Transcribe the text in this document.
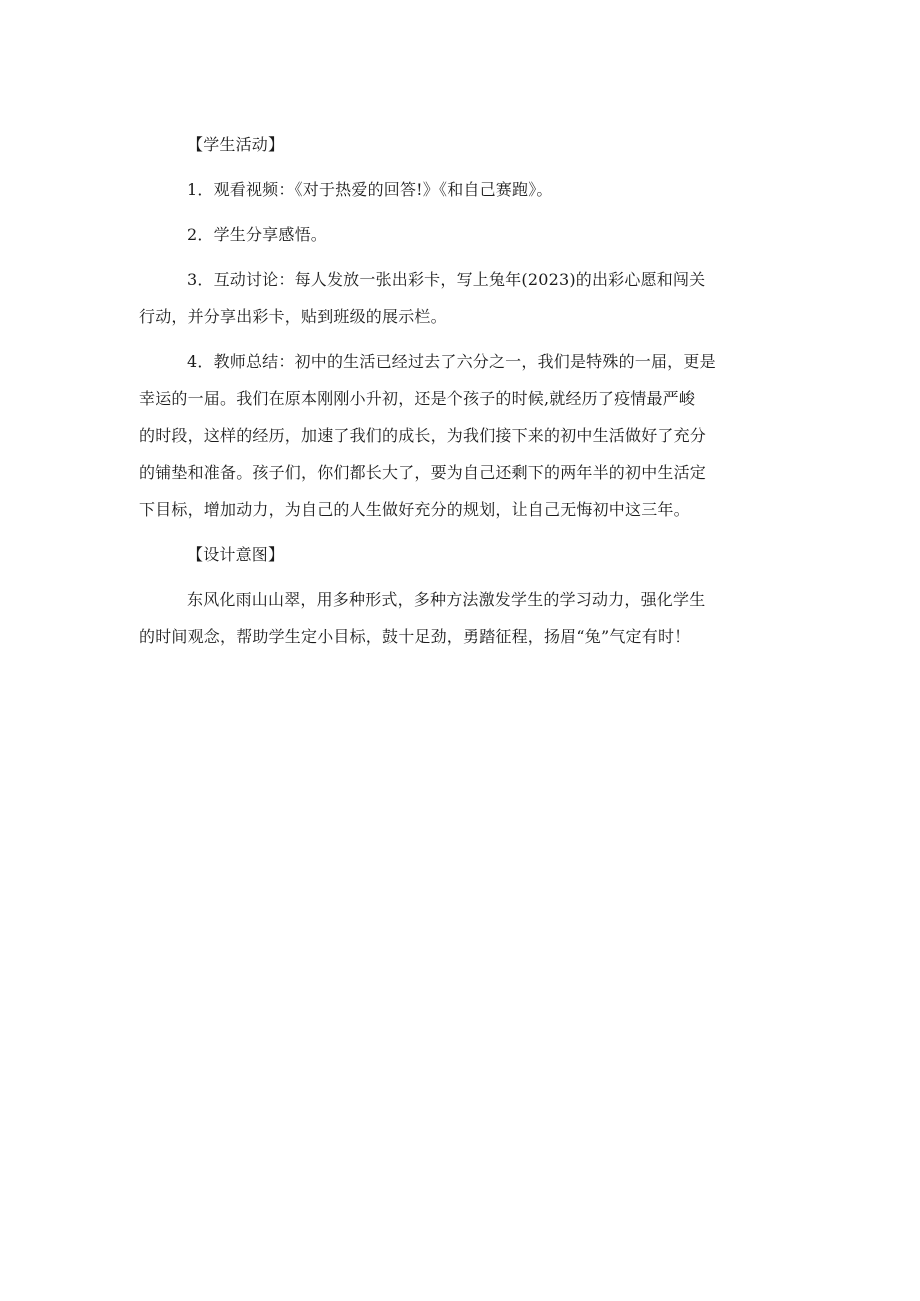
【学生活动】
1．观看视频：《对于热爱的回答!》《和自己赛跑》。
2．学生分享感悟。
3．互动讨论：每人发放一张出彩卡，写上兔年(2023)的出彩心愿和闯关
行动，并分享出彩卡，贴到班级的展示栏。
4．教师总结：初中的生活已经过去了六分之一，我们是特殊的一届，更是
幸运的一届。我们在原本刚刚小升初，还是个孩子的时候,就经历了疫情最严峻
的时段，这样的经历，加速了我们的成长，为我们接下来的初中生活做好了充分
的铺垫和准备。孩子们，你们都长大了，要为自己还剩下的两年半的初中生活定
下目标，增加动力，为自己的人生做好充分的规划，让自己无悔初中这三年。
【设计意图】
东风化雨山山翠，用多种形式，多种方法激发学生的学习动力，强化学生
的时间观念，帮助学生定小目标，鼓十足劲，勇踏征程，扬眉“兔”气定有时！
